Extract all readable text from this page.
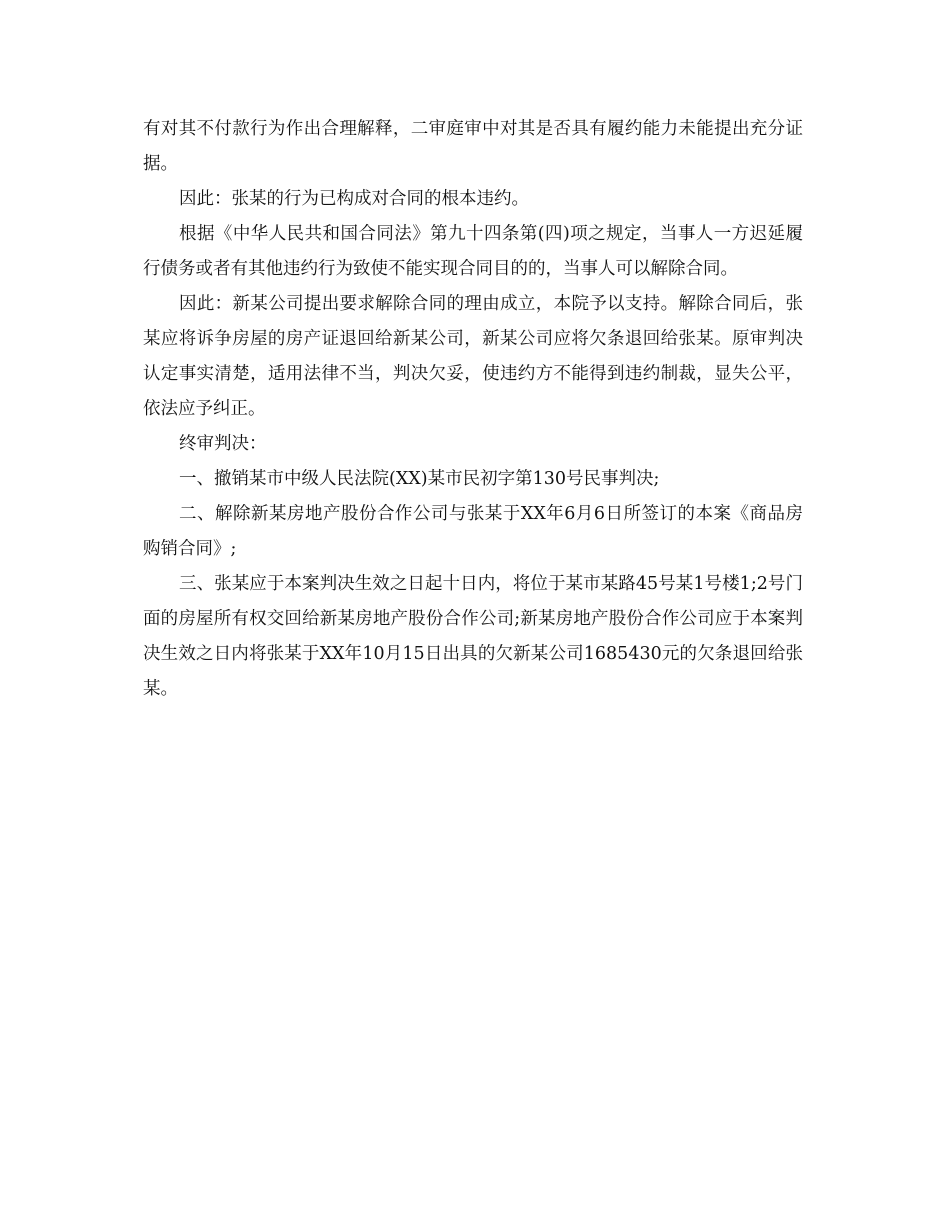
有对其不付款行为作出合理解释，二审庭审中对其是否具有履约能力未能提出充分证据。

因此：张某的行为已构成对合同的根本违约。

根据《中华人民共和国合同法》第九十四条第(四)项之规定，当事人一方迟延履行债务或者有其他违约行为致使不能实现合同目的的，当事人可以解除合同。

因此：新某公司提出要求解除合同的理由成立，本院予以支持。解除合同后，张某应将诉争房屋的房产证退回给新某公司，新某公司应将欠条退回给张某。原审判决认定事实清楚，适用法律不当，判决欠妥，使违约方不能得到违约制裁，显失公平，依法应予纠正。

终审判决：

一、撤销某市中级人民法院(XX)某市民初字第130号民事判决;

二、解除新某房地产股份合作公司与张某于XX年6月6日所签订的本案《商品房购销合同》;

三、张某应于本案判决生效之日起十日内，将位于某市某路45号某1号楼1;2号门面的房屋所有权交回给新某房地产股份合作公司;新某房地产股份合作公司应于本案判决生效之日内将张某于XX年10月15日出具的欠新某公司1685430元的欠条退回给张某。
